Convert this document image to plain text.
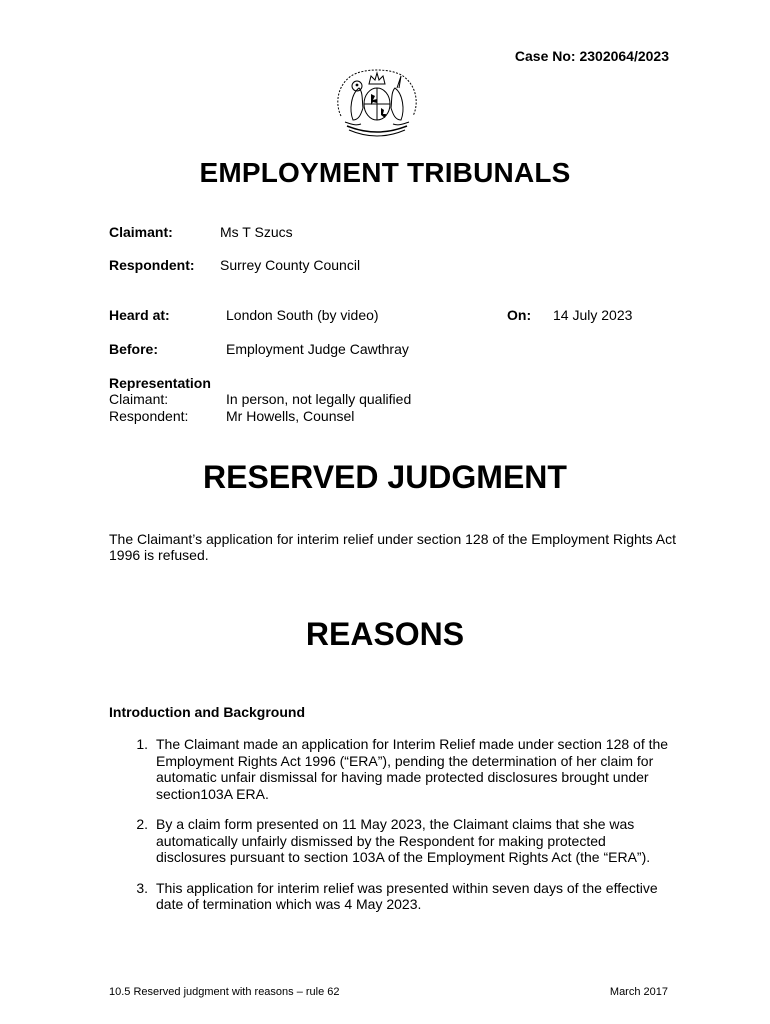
Case No: 2302064/2023
EMPLOYMENT TRIBUNALS
Claimant:	Ms T Szucs
Respondent: Surrey County Council
Heard at:	London South (by video)	On: 14 July 2023
Before:	Employment Judge Cawthray
Representation
Claimant:	In person, not legally qualified
Respondent:	Mr Howells, Counsel
RESERVED JUDGMENT
The Claimant’s application for interim relief under section 128 of the Employment Rights Act 1996 is refused.
REASONS
Introduction and Background
1. The Claimant made an application for Interim Relief made under section 128 of the Employment Rights Act 1996 (“ERA”), pending the determination of her claim for automatic unfair dismissal for having made protected disclosures brought under section103A ERA.
2. By a claim form presented on 11 May 2023, the Claimant claims that she was automatically unfairly dismissed by the Respondent for making protected disclosures pursuant to section 103A of the Employment Rights Act (the “ERA”).
3. This application for interim relief was presented within seven days of the effective date of termination which was 4 May 2023.
10.5 Reserved judgment with reasons – rule 62	March 2017
